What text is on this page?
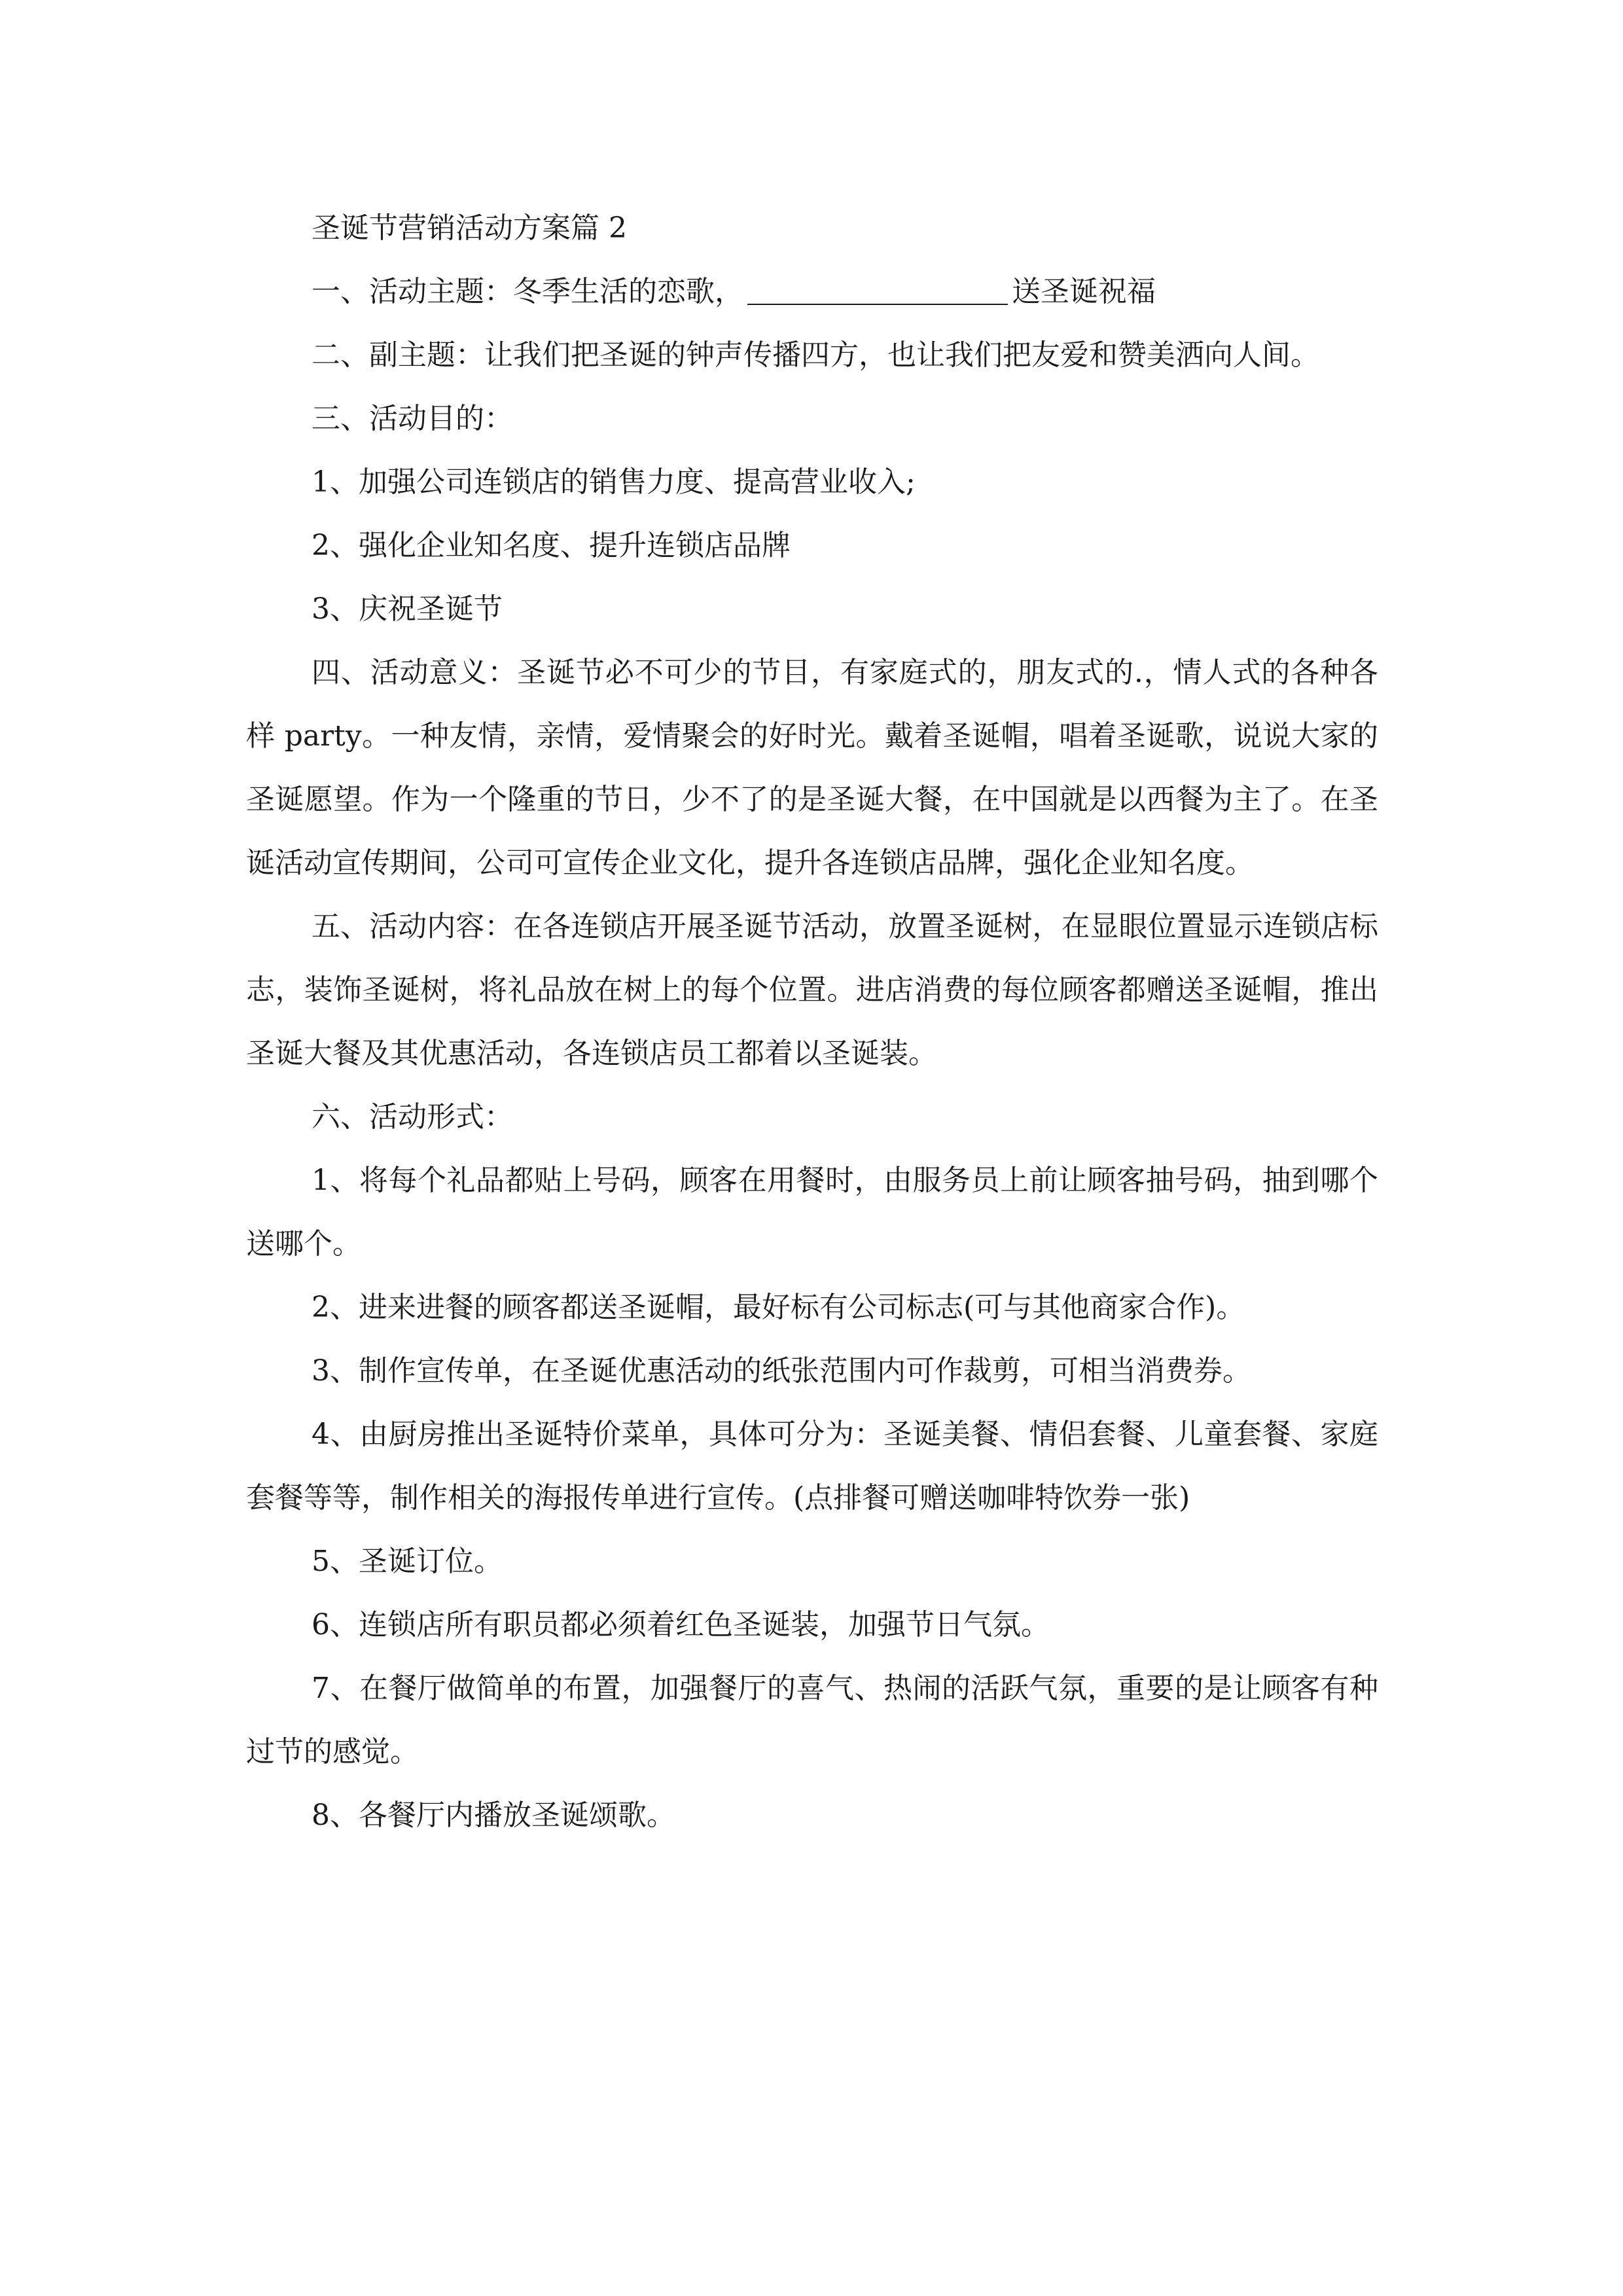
圣诞节营销活动方案篇 2

一、活动主题：冬季生活的恋歌，	送圣诞祝福

二、副主题：让我们把圣诞的钟声传播四方，也让我们把友爱和赞美洒向人间。

三、活动目的：

1、加强公司连锁店的销售力度、提高营业收入;

2、强化企业知名度、提升连锁店品牌

3、庆祝圣诞节

四、活动意义：圣诞节必不可少的节目，有家庭式的，朋友式的.，情人式的各种各样 party。一种友情，亲情，爱情聚会的好时光。戴着圣诞帽，唱着圣诞歌，说说大家的圣诞愿望。作为一个隆重的节日，少不了的是圣诞大餐，在中国就是以西餐为主了。在圣诞活动宣传期间，公司可宣传企业文化，提升各连锁店品牌，强化企业知名度。

五、活动内容：在各连锁店开展圣诞节活动，放置圣诞树，在显眼位置显示连锁店标志，装饰圣诞树，将礼品放在树上的每个位置。进店消费的每位顾客都赠送圣诞帽，推出圣诞大餐及其优惠活动，各连锁店员工都着以圣诞装。

六、活动形式：

1、将每个礼品都贴上号码，顾客在用餐时，由服务员上前让顾客抽号码，抽到哪个送哪个。

2、进来进餐的顾客都送圣诞帽，最好标有公司标志(可与其他商家合作)。

3、制作宣传单，在圣诞优惠活动的纸张范围内可作裁剪，可相当消费券。

4、由厨房推出圣诞特价菜单，具体可分为：圣诞美餐、情侣套餐、儿童套餐、家庭套餐等等，制作相关的海报传单进行宣传。(点排餐可赠送咖啡特饮券一张)

5、圣诞订位。

6、连锁店所有职员都必须着红色圣诞装，加强节日气氛。

7、在餐厅做简单的布置，加强餐厅的喜气、热闹的活跃气氛，重要的是让顾客有种过节的感觉。

8、各餐厅内播放圣诞颂歌。
